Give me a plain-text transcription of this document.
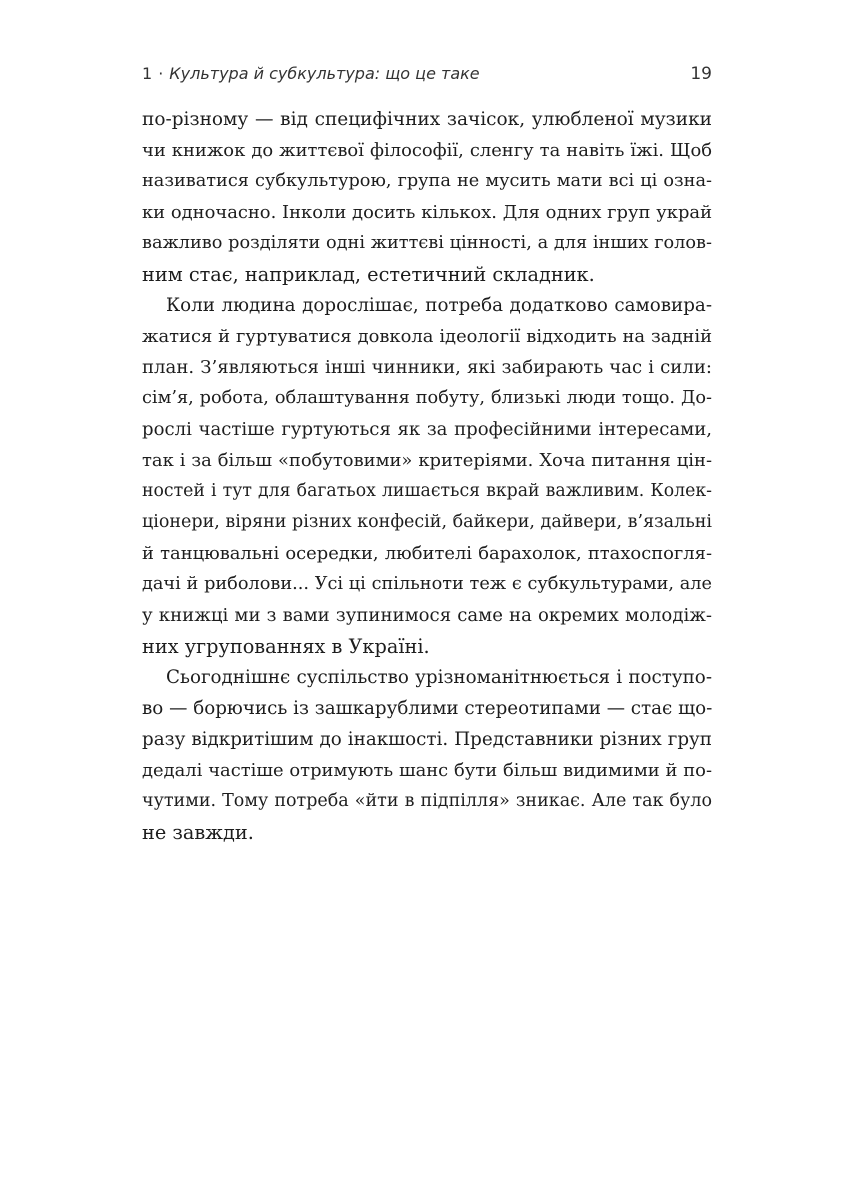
1 · Культура й субкультура: що це таке	19

по-різному — від специфічних зачісок, улюбленої музики
чи книжок до життєвої філософії, сленгу та навіть їжі. Щоб
називатися субкультурою, група не мусить мати всі ці озна-
ки одночасно. Інколи досить кількох. Для одних груп украй
важливо розділяти одні життєві цінності, а для інших голов-
ним стає, наприклад, естетичний складник.

Коли людина дорослішає, потреба додатково самовира-
жатися й гуртуватися довкола ідеології відходить на задній
план. З’являються інші чинники, які забирають час і сили:
сім’я, робота, облаштування побуту, близькі люди тощо. До-
рослі частіше гуртуються як за професійними інтересами,
так і за більш «побутовими» критеріями. Хоча питання цін-
ностей і тут для багатьох лишається вкрай важливим. Колек-
ціонери, віряни різних конфесій, байкери, дайвери, в’язальні
й танцювальні осередки, любителі барахолок, птахоспогля-
дачі й риболови... Усі ці спільноти теж є субкультурами, але
у книжці ми з вами зупинимося саме на окремих молодіж-
них угрупованнях в Україні.

Сьогоднішнє суспільство урізноманітнюється і поступо-
во — борючись із зашкарублими стереотипами — стає що-
разу відкритішим до інакшості. Представники різних груп
дедалі частіше отримують шанс бути більш видимими й по-
чутими. Тому потреба «йти в підпілля» зникає. Але так було
не завжди.
